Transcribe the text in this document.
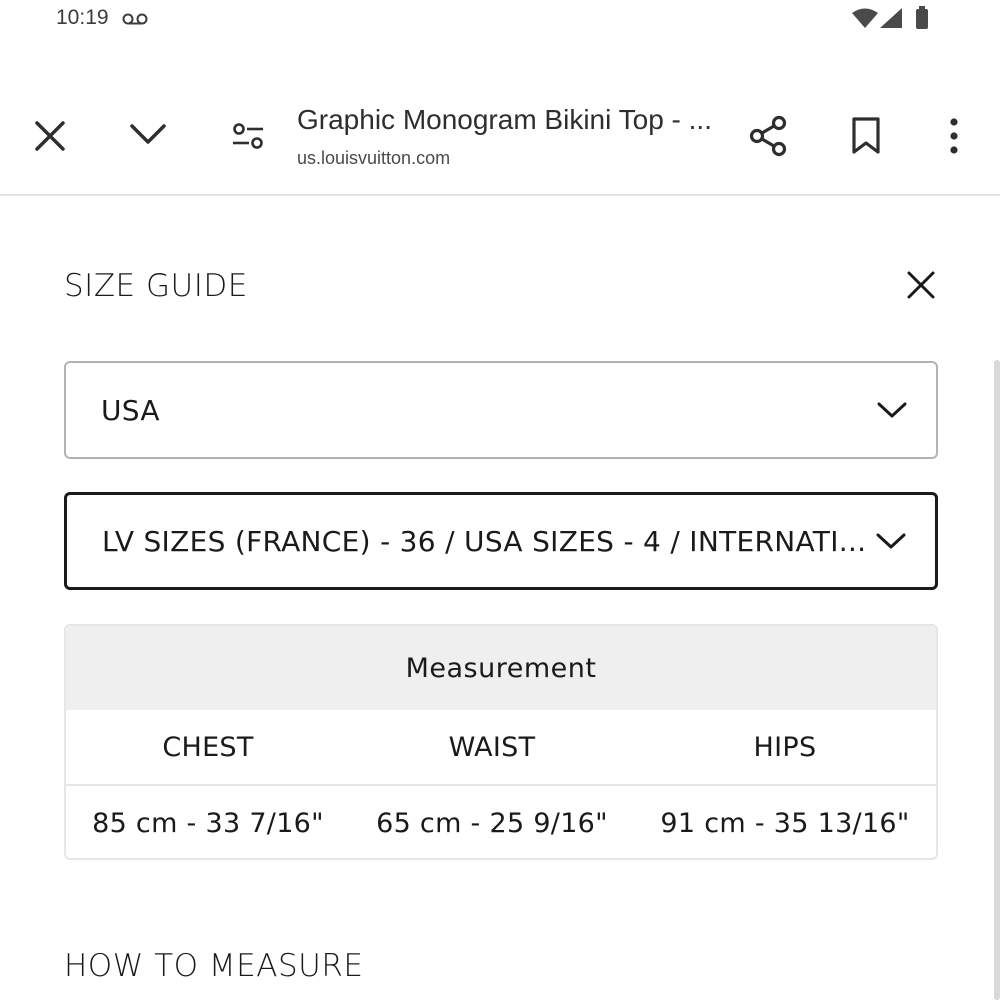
10:19
Graphic Monogram Bikini Top - ...
us.louisvuitton.com
SIZE GUIDE
USA
LV SIZES (FRANCE) - 36 / USA SIZES - 4 / INTERNATI...
Measurement
CHEST	WAIST	HIPS
85 cm - 33 7/16"	65 cm - 25 9/16"	91 cm - 35 13/16"
HOW TO MEASURE
